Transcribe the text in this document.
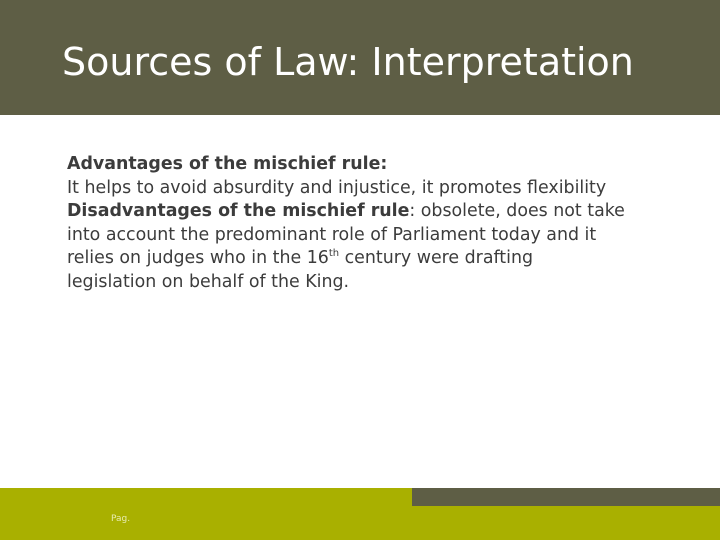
Sources of Law: Interpretation
Advantages of the mischief rule:
It helps to avoid absurdity and injustice, it promotes flexibility
Disadvantages of the mischief rule: obsolete, does not take
into account the predominant role of Parliament today and it
relies on judges who in the 16th century were drafting
legislation on behalf of the King.
Pag.
